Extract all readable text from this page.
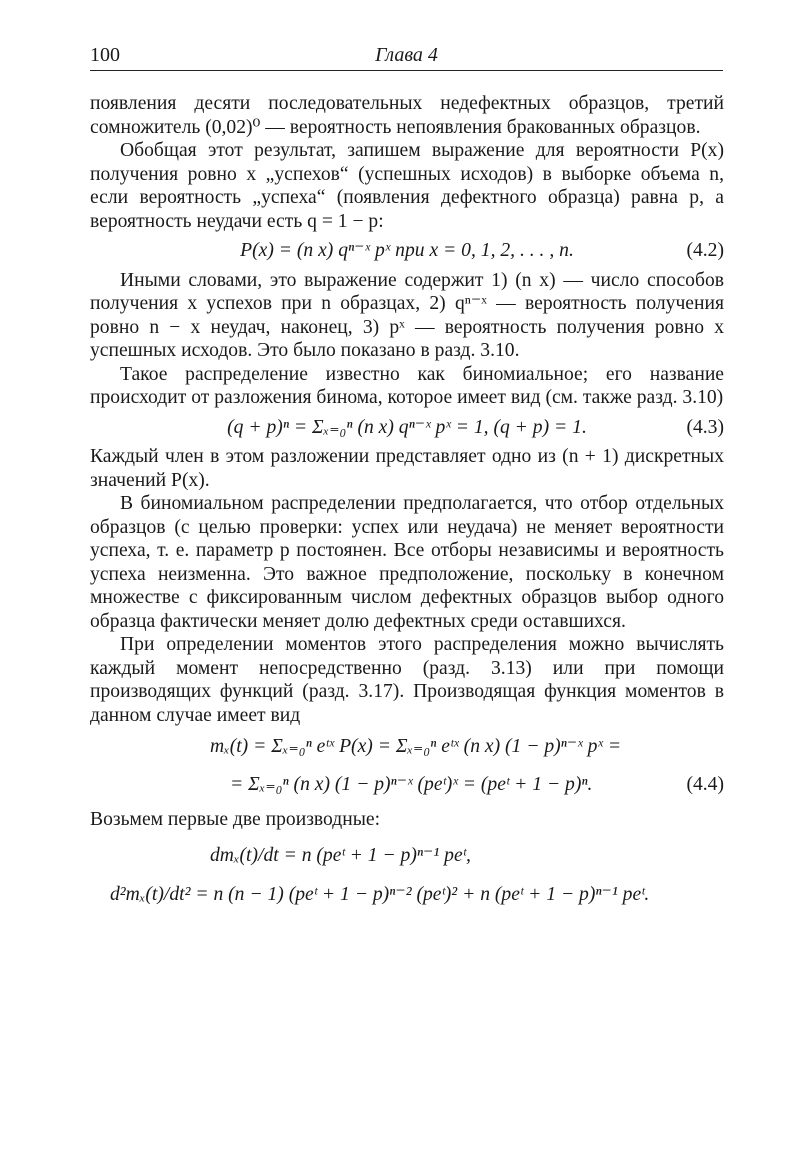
100	Глава 4

появления десяти последовательных недефектных образцов, третий сомножитель (0,02)⁰ — вероятность непоявления бракованных образцов.

Обобщая этот результат, запишем выражение для вероятности P(x) получения ровно x „успехов“ (успешных исходов) в выборке объема n, если вероятность „успеха“ (появления дефектного образца) равна p, а вероятность неудачи есть q = 1 − p:

P(x) = (n x) qⁿ⁻ˣ pˣ при x = 0, 1, 2, . . . , n.	(4.2)

Иными словами, это выражение содержит 1) (n x) — число способов получения x успехов при n образцах, 2) qⁿ⁻ˣ — вероятность получения ровно n − x неудач, наконец, 3) pˣ — вероятность получения ровно x успешных исходов. Это было показано в разд. 3.10.

Такое распределение известно как биномиальное; его название происходит от разложения бинома, которое имеет вид (см. также разд. 3.10)

(q + p)ⁿ = Σₓ₌₀ⁿ (n x) qⁿ⁻ˣ pˣ = 1, (q + p) = 1.	(4.3)

Каждый член в этом разложении представляет одно из (n + 1) дискретных значений P(x).

В биномиальном распределении предполагается, что отбор отдельных образцов (с целью проверки: успех или неудача) не меняет вероятности успеха, т. е. параметр p постоянен. Все отборы независимы и вероятность успеха неизменна. Это важное предположение, поскольку в конечном множестве с фиксированным числом дефектных образцов выбор одного образца фактически меняет долю дефектных среди оставшихся.

При определении моментов этого распределения можно вычислять каждый момент непосредственно (разд. 3.13) или при помощи производящих функций (разд. 3.17). Производящая функция моментов в данном случае имеет вид

mₓ(t) = Σₓ₌₀ⁿ eᵗˣ P(x) = Σₓ₌₀ⁿ eᵗˣ (n x) (1 − p)ⁿ⁻ˣ pˣ =
= Σₓ₌₀ⁿ (n x) (1 − p)ⁿ⁻ˣ (peᵗ)ˣ = (peᵗ + 1 − p)ⁿ.	(4.4)

Возьмем первые две производные:

dmₓ(t)/dt = n (peᵗ + 1 − p)ⁿ⁻¹ peᵗ,
d²mₓ(t)/dt² = n (n − 1) (peᵗ + 1 − p)ⁿ⁻² (peᵗ)² + n (peᵗ + 1 − p)ⁿ⁻¹ peᵗ.
